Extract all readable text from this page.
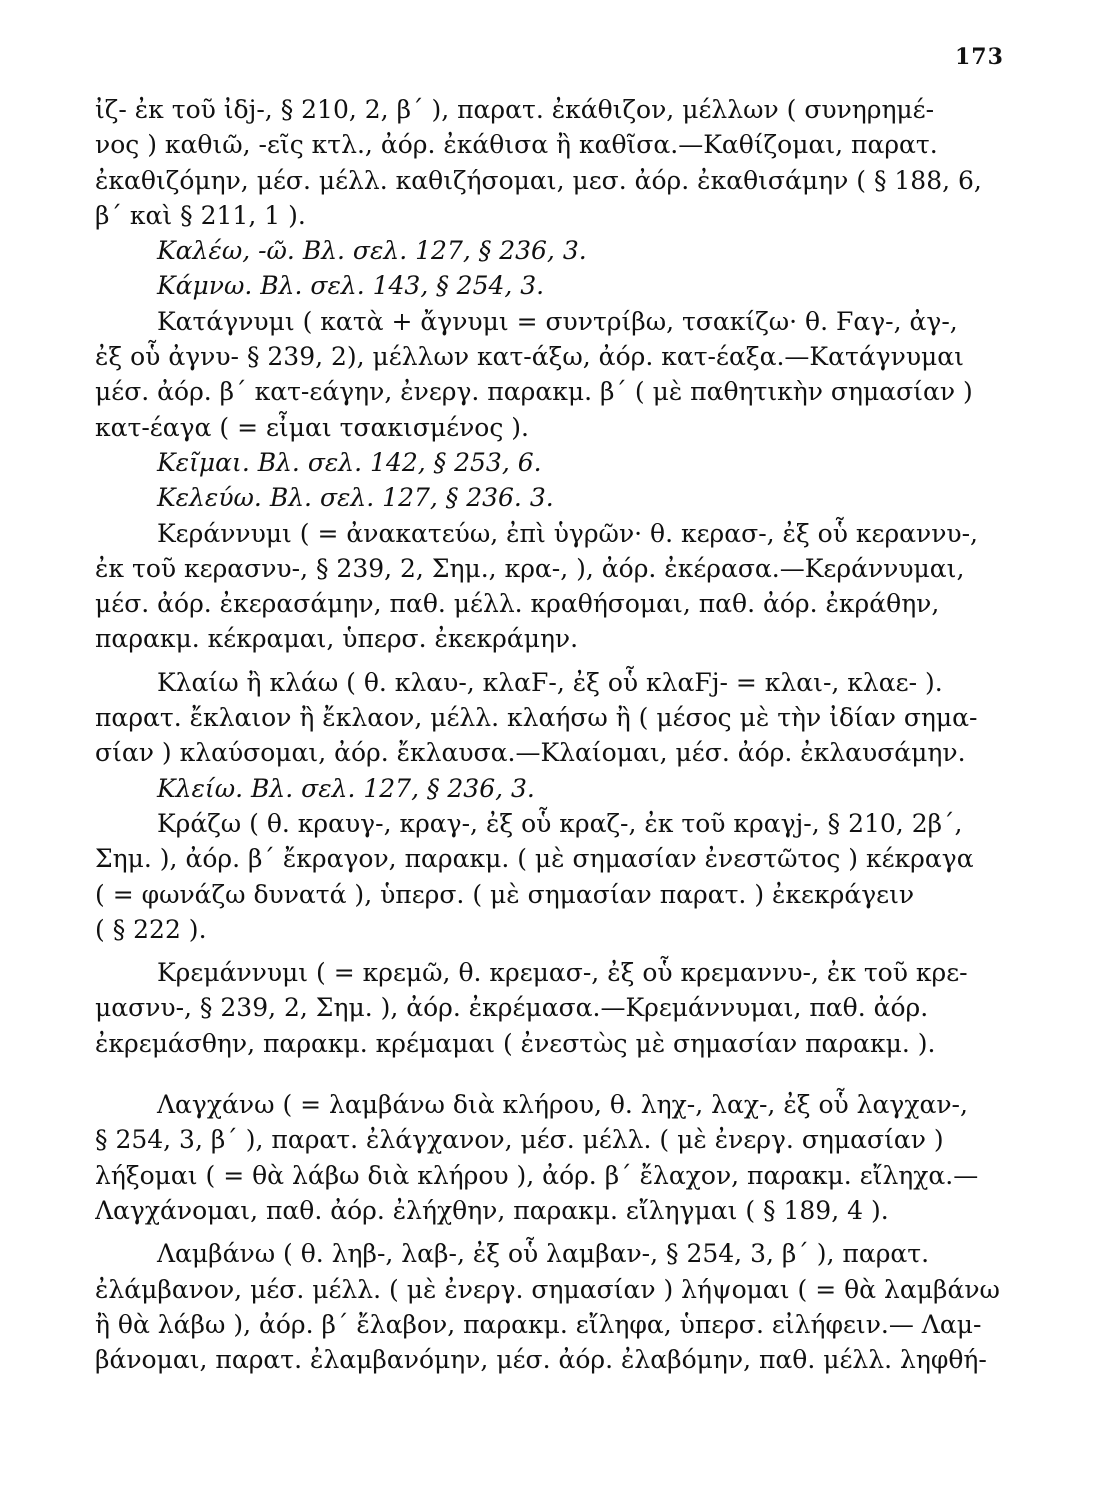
173
ἰζ- ἐκ τοῦ ἰδj-, § 210, 2, β΄ ), παρατ. ἐκάθιζον, μέλλων ( συνηρημέ-
νος ) καθιῶ, -εῖς κτλ., ἀόρ. ἐκάθισα ἢ καθῖσα.—Καθίζομαι, παρατ.
ἐκαθιζόμην, μέσ. μέλλ. καθιζήσομαι, μεσ. ἀόρ. ἐκαθισάμην ( § 188, 6,
β΄ καὶ § 211, 1 ).
Καλέω, -ῶ. Βλ. σελ. 127, § 236, 3.
Κάμνω. Βλ. σελ. 143, § 254, 3.
Κατάγνυμι ( κατὰ + ἄγνυμι = συντρίβω, τσακίζω· θ. Ϝαγ-, ἀγ-,
ἐξ οὗ ἀγνυ- § 239, 2), μέλλων κατ-άξω, ἀόρ. κατ-έαξα.—Κατάγνυμαι
μέσ. ἀόρ. β΄ κατ-εάγην, ἐνεργ. παρακμ. β΄ ( μὲ παθητικὴν σημασίαν )
κατ-έαγα ( = εἶμαι τσακισμένος ).
Κεῖμαι. Βλ. σελ. 142, § 253, 6.
Κελεύω. Βλ. σελ. 127, § 236. 3.
Κεράννυμι ( = ἀνακατεύω, ἐπὶ ὑγρῶν· θ. κερασ-, ἐξ οὗ κεραννυ-,
ἐκ τοῦ κερασνυ-, § 239, 2, Σημ., κρα-, ), ἀόρ. ἐκέρασα.—Κεράννυμαι,
μέσ. ἀόρ. ἐκερασάμην, παθ. μέλλ. κραθήσομαι, παθ. ἀόρ. ἐκράθην,
παρακμ. κέκραμαι, ὑπερσ. ἐκεκράμην.
Κλαίω ἢ κλάω ( θ. κλαυ-, κλαϜ-, ἐξ οὗ κλαϜj- = κλαι-, κλαε- ).
παρατ. ἔκλαιον ἢ ἔκλαον, μέλλ. κλαήσω ἢ ( μέσος μὲ τὴν ἰδίαν σημα-
σίαν ) κλαύσομαι, ἀόρ. ἔκλαυσα.—Κλαίομαι, μέσ. ἀόρ. ἐκλαυσάμην.
Κλείω. Βλ. σελ. 127, § 236, 3.
Κράζω ( θ. κραυγ-, κραγ-, ἐξ οὗ κραζ-, ἐκ τοῦ κραγj-, § 210, 2β΄,
Σημ. ), ἀόρ. β΄ ἔκραγον, παρακμ. ( μὲ σημασίαν ἐνεστῶτος ) κέκραγα
( = φωνάζω δυνατά ), ὑπερσ. ( μὲ σημασίαν παρατ. ) ἐκεκράγειν
( § 222 ).
Κρεμάννυμι ( = κρεμῶ, θ. κρεμασ-, ἐξ οὗ κρεμαννυ-, ἐκ τοῦ κρε-
μασνυ-, § 239, 2, Σημ. ), ἀόρ. ἐκρέμασα.—Κρεμάννυμαι, παθ. ἀόρ.
ἐκρεμάσθην, παρακμ. κρέμαμαι ( ἐνεστὼς μὲ σημασίαν παρακμ. ).
Λαγχάνω ( = λαμβάνω διὰ κλήρου, θ. ληχ-, λαχ-, ἐξ οὗ λαγχαν-,
§ 254, 3, β΄ ), παρατ. ἐλάγχανον, μέσ. μέλλ. ( μὲ ἐνεργ. σημασίαν )
λήξομαι ( = θὰ λάβω διὰ κλήρου ), ἀόρ. β΄ ἔλαχον, παρακμ. εἴληχα.—
Λαγχάνομαι, παθ. ἀόρ. ἐλήχθην, παρακμ. εἴληγμαι ( § 189, 4 ).
Λαμβάνω ( θ. ληβ-, λαβ-, ἐξ οὗ λαμβαν-, § 254, 3, β΄ ), παρατ.
ἐλάμβανον, μέσ. μέλλ. ( μὲ ἐνεργ. σημασίαν ) λήψομαι ( = θὰ λαμβάνω
ἢ θὰ λάβω ), ἀόρ. β΄ ἔλαβον, παρακμ. εἴληφα, ὑπερσ. εἰλήφειν.— Λαμ-
βάνομαι, παρατ. ἐλαμβανόμην, μέσ. ἀόρ. ἐλαβόμην, παθ. μέλλ. ληφθή-
